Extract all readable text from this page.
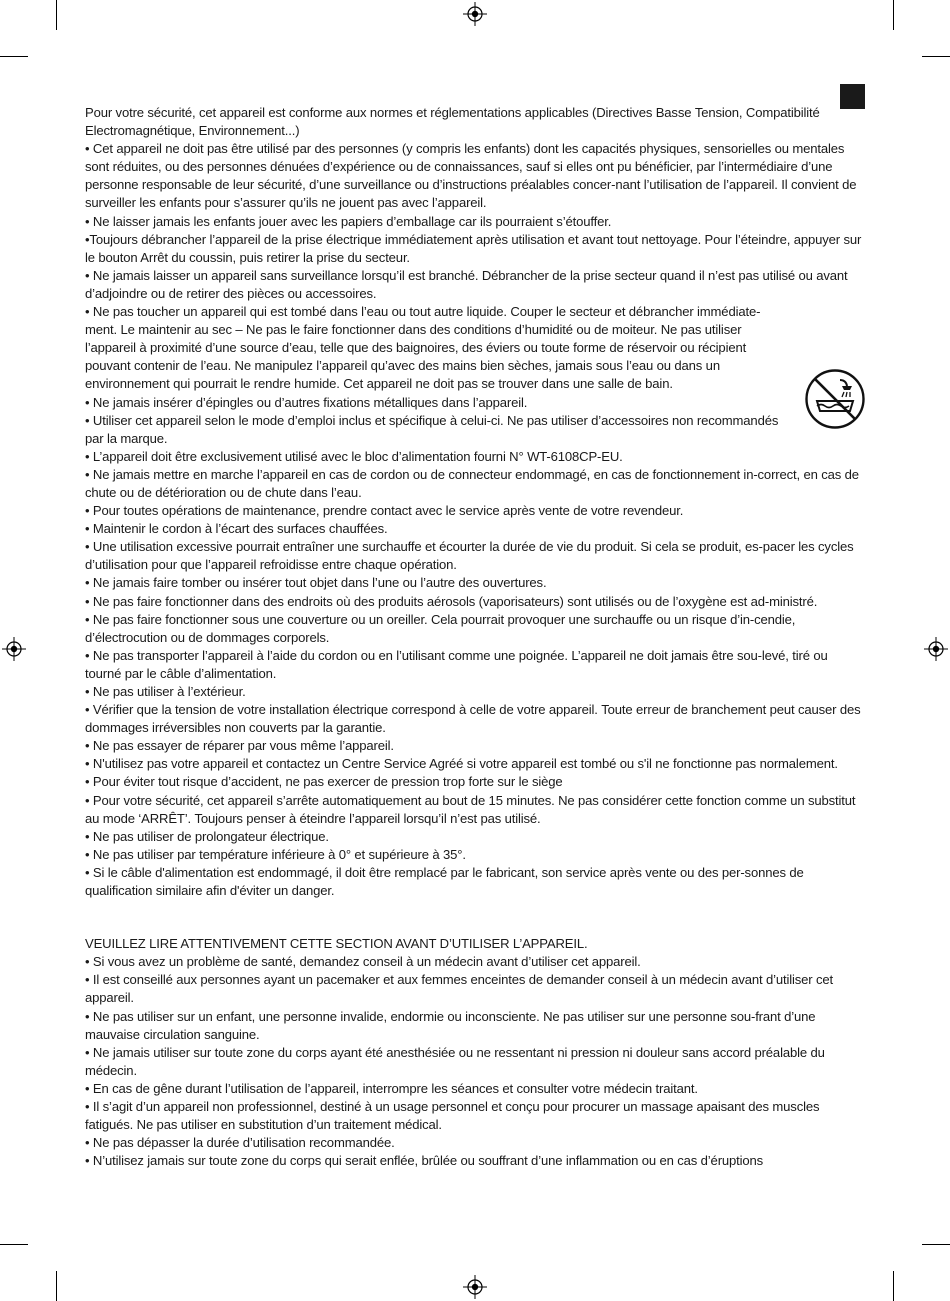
Pour votre sécurité, cet appareil est conforme aux normes et réglementations applicables (Directives Basse Tension, Compatibilité Electromagnétique, Environnement...)

• Cet appareil ne doit pas être utilisé par des personnes (y compris les enfants) dont les capacités physiques, sensorielles ou mentales sont réduites, ou des personnes dénuées d’expérience ou de connaissances, sauf si elles ont pu bénéficier, par l’intermédiaire d’une personne responsable de leur sécurité, d’une surveillance ou d’instructions préalables concer-nant l’utilisation de l’appareil. Il convient de surveiller les enfants pour s’assurer qu’ils ne jouent pas avec l’appareil.

• Ne laisser jamais les enfants jouer avec les papiers d’emballage car ils pourraient s’étouffer.

•Toujours débrancher l’appareil de la prise électrique immédiatement après utilisation et avant tout nettoyage. Pour l’éteindre, appuyer sur le bouton Arrêt du coussin, puis retirer la prise du secteur.

• Ne jamais laisser un appareil sans surveillance lorsqu’il est branché. Débrancher de la prise secteur quand il n’est pas utilisé ou avant d’adjoindre ou de retirer des pièces ou accessoires.

• Ne pas toucher un appareil qui est tombé dans l’eau ou tout autre liquide. Couper le secteur et débrancher immédiate-ment. Le maintenir au sec – Ne pas le faire fonctionner dans des conditions d’humidité ou de moiteur. Ne pas utiliser l’appareil à proximité d’une source d’eau, telle que des baignoires, des éviers ou toute forme de réservoir ou récipient pouvant contenir de l’eau. Ne manipulez l’appareil qu’avec des mains bien sèches, jamais sous l’eau ou dans un environnement qui pourrait le rendre humide. Cet appareil ne doit pas se trouver dans une salle de bain.

• Ne jamais insérer d’épingles ou d’autres fixations métalliques dans l’appareil.

• Utiliser cet appareil selon le mode d’emploi inclus et spécifique à celui-ci. Ne pas utiliser d’accessoires non recommandés par la marque.

• L’appareil doit être exclusivement utilisé avec le bloc d’alimentation fourni N° WT-6108CP-EU.

• Ne jamais mettre en marche l’appareil en cas de cordon ou de connecteur endommagé, en cas de fonctionnement in-correct, en cas de chute ou de détérioration ou de chute dans l’eau.

• Pour toutes opérations de maintenance, prendre contact avec le service après vente de votre revendeur.

• Maintenir le cordon à l’écart des surfaces chauffées.

• Une utilisation excessive pourrait entraîner une surchauffe et écourter la durée de vie du produit. Si cela se produit, es-pacer les cycles d’utilisation pour que l’appareil refroidisse entre chaque opération.

• Ne jamais faire tomber ou insérer tout objet dans l’une ou l’autre des ouvertures.

• Ne pas faire fonctionner dans des endroits où des produits aérosols (vaporisateurs) sont utilisés ou de l’oxygène est ad-ministré.

• Ne pas faire fonctionner sous une couverture ou un oreiller. Cela pourrait provoquer une surchauffe ou un risque d’in-cendie, d’électrocution ou de dommages corporels.

• Ne pas transporter l’appareil à l’aide du cordon ou en l’utilisant comme une poignée. L’appareil ne doit jamais être sou-levé, tiré ou tourné par le câble d’alimentation.

• Ne pas utiliser à l’extérieur.

• Vérifier que la tension de votre installation électrique correspond à celle de votre appareil. Toute erreur de branchement peut causer des dommages irréversibles non couverts par la garantie.

• Ne pas essayer de réparer par vous même l’appareil.

• N'utilisez pas votre appareil et contactez un Centre Service Agréé si votre appareil est tombé ou s'il ne fonctionne pas normalement.

• Pour éviter tout risque d’accident, ne pas exercer de pression trop forte sur le siège

• Pour votre sécurité, cet appareil s’arrête automatiquement au bout de 15 minutes. Ne pas considérer cette fonction comme un substitut au mode ‘ARRÊT’. Toujours penser à éteindre l’appareil lorsqu’il n’est pas utilisé.

• Ne pas utiliser de prolongateur électrique.

• Ne pas utiliser par température inférieure à 0° et supérieure à 35°.

• Si le câble d'alimentation est endommagé, il doit être remplacé par le fabricant, son service après vente ou des per-sonnes de qualification similaire afin d'éviter un danger.

VEUILLEZ LIRE ATTENTIVEMENT CETTE SECTION AVANT D’UTILISER L’APPAREIL.

• Si vous avez un problème de santé, demandez conseil à un médecin avant d’utiliser cet appareil.

• Il est conseillé aux personnes ayant un pacemaker et aux femmes enceintes de demander conseil à un médecin avant d’utiliser cet appareil.

• Ne pas utiliser sur un enfant, une personne invalide, endormie ou inconsciente. Ne pas utiliser sur une personne sou-frant d’une mauvaise circulation sanguine.

• Ne jamais utiliser sur toute zone du corps ayant été anesthésiée ou ne ressentant ni pression ni douleur sans accord préalable du médecin.

• En cas de gêne durant l’utilisation de l’appareil, interrompre les séances et consulter votre médecin traitant.

• Il s’agit d’un appareil non professionnel, destiné à un usage personnel et conçu pour procurer un massage apaisant des muscles fatigués. Ne pas utiliser en substitution d’un traitement médical.

• Ne pas dépasser la durée d’utilisation recommandée.

• N’utilisez jamais sur toute zone du corps qui serait enflée, brûlée ou souffrant d’une inflammation ou en cas d’éruptions
